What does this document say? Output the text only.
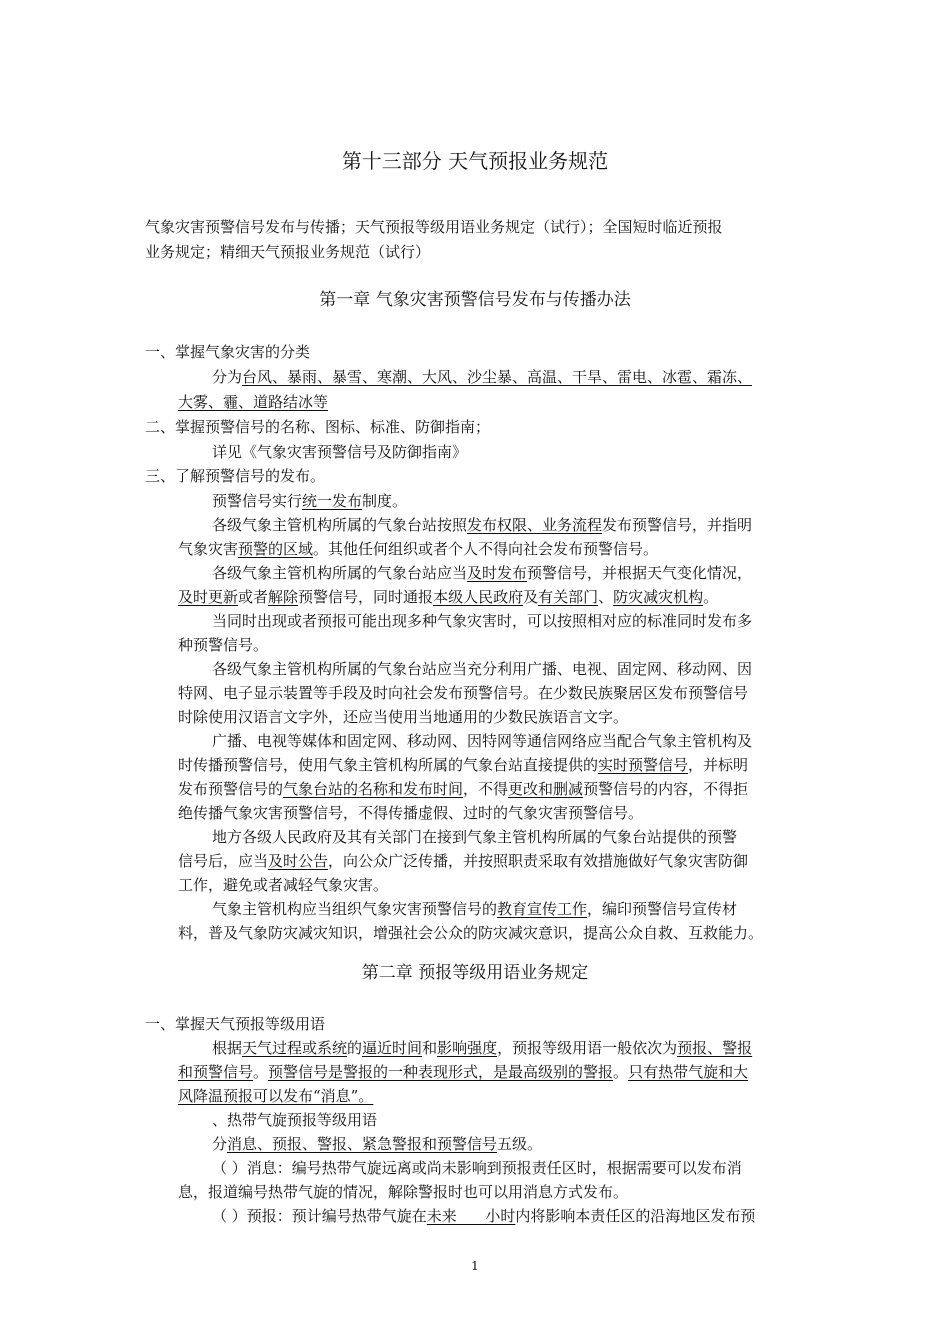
第十三部分 天气预报业务规范
气象灾害预警信号发布与传播；天气预报等级用语业务规定（试行）；全国短时临近预报
业务规定；精细天气预报业务规范（试行）
第一章 气象灾害预警信号发布与传播办法
一、掌握气象灾害的分类
分为台风、暴雨、暴雪、寒潮、大风、沙尘暴、高温、干旱、雷电、冰雹、霜冻、
大雾、霾、道路结冰等
二、掌握预警信号的名称、图标、标准、防御指南；
详见《气象灾害预警信号及防御指南》
三、了解预警信号的发布。
预警信号实行统一发布制度。
各级气象主管机构所属的气象台站按照发布权限、业务流程发布预警信号，并指明
气象灾害预警的区域。其他任何组织或者个人不得向社会发布预警信号。
各级气象主管机构所属的气象台站应当及时发布预警信号，并根据天气变化情况，
及时更新或者解除预警信号，同时通报本级人民政府及有关部门、防灾减灾机构。
当同时出现或者预报可能出现多种气象灾害时，可以按照相对应的标准同时发布多
种预警信号。
各级气象主管机构所属的气象台站应当充分利用广播、电视、固定网、移动网、因
特网、电子显示装置等手段及时向社会发布预警信号。在少数民族聚居区发布预警信号
时除使用汉语言文字外，还应当使用当地通用的少数民族语言文字。
广播、电视等媒体和固定网、移动网、因特网等通信网络应当配合气象主管机构及
时传播预警信号，使用气象主管机构所属的气象台站直接提供的实时预警信号，并标明
发布预警信号的气象台站的名称和发布时间，不得更改和删减预警信号的内容，不得拒
绝传播气象灾害预警信号，不得传播虚假、过时的气象灾害预警信号。
地方各级人民政府及其有关部门在接到气象主管机构所属的气象台站提供的预警
信号后，应当及时公告，向公众广泛传播，并按照职责采取有效措施做好气象灾害防御
工作，避免或者减轻气象灾害。
气象主管机构应当组织气象灾害预警信号的教育宣传工作，编印预警信号宣传材
料，普及气象防灾减灾知识，增强社会公众的防灾减灾意识，提高公众自救、互救能力。
第二章 预报等级用语业务规定
一、掌握天气预报等级用语
根据天气过程或系统的逼近时间和影响强度，预报等级用语一般依次为预报、警报
和预警信号。预警信号是警报的一种表现形式，是最高级别的警报。只有热带气旋和大
风降温预报可以发布“消息”。
、热带气旋预报等级用语
分消息、预报、警报、紧急警报和预警信号五级。
（ ）消息：编号热带气旋远离或尚未影响到预报责任区时，根据需要可以发布消
息，报道编号热带气旋的情况，解除警报时也可以用消息方式发布。
（ ）预报：预计编号热带气旋在未来      小时内将影响本责任区的沿海地区发布预
1
